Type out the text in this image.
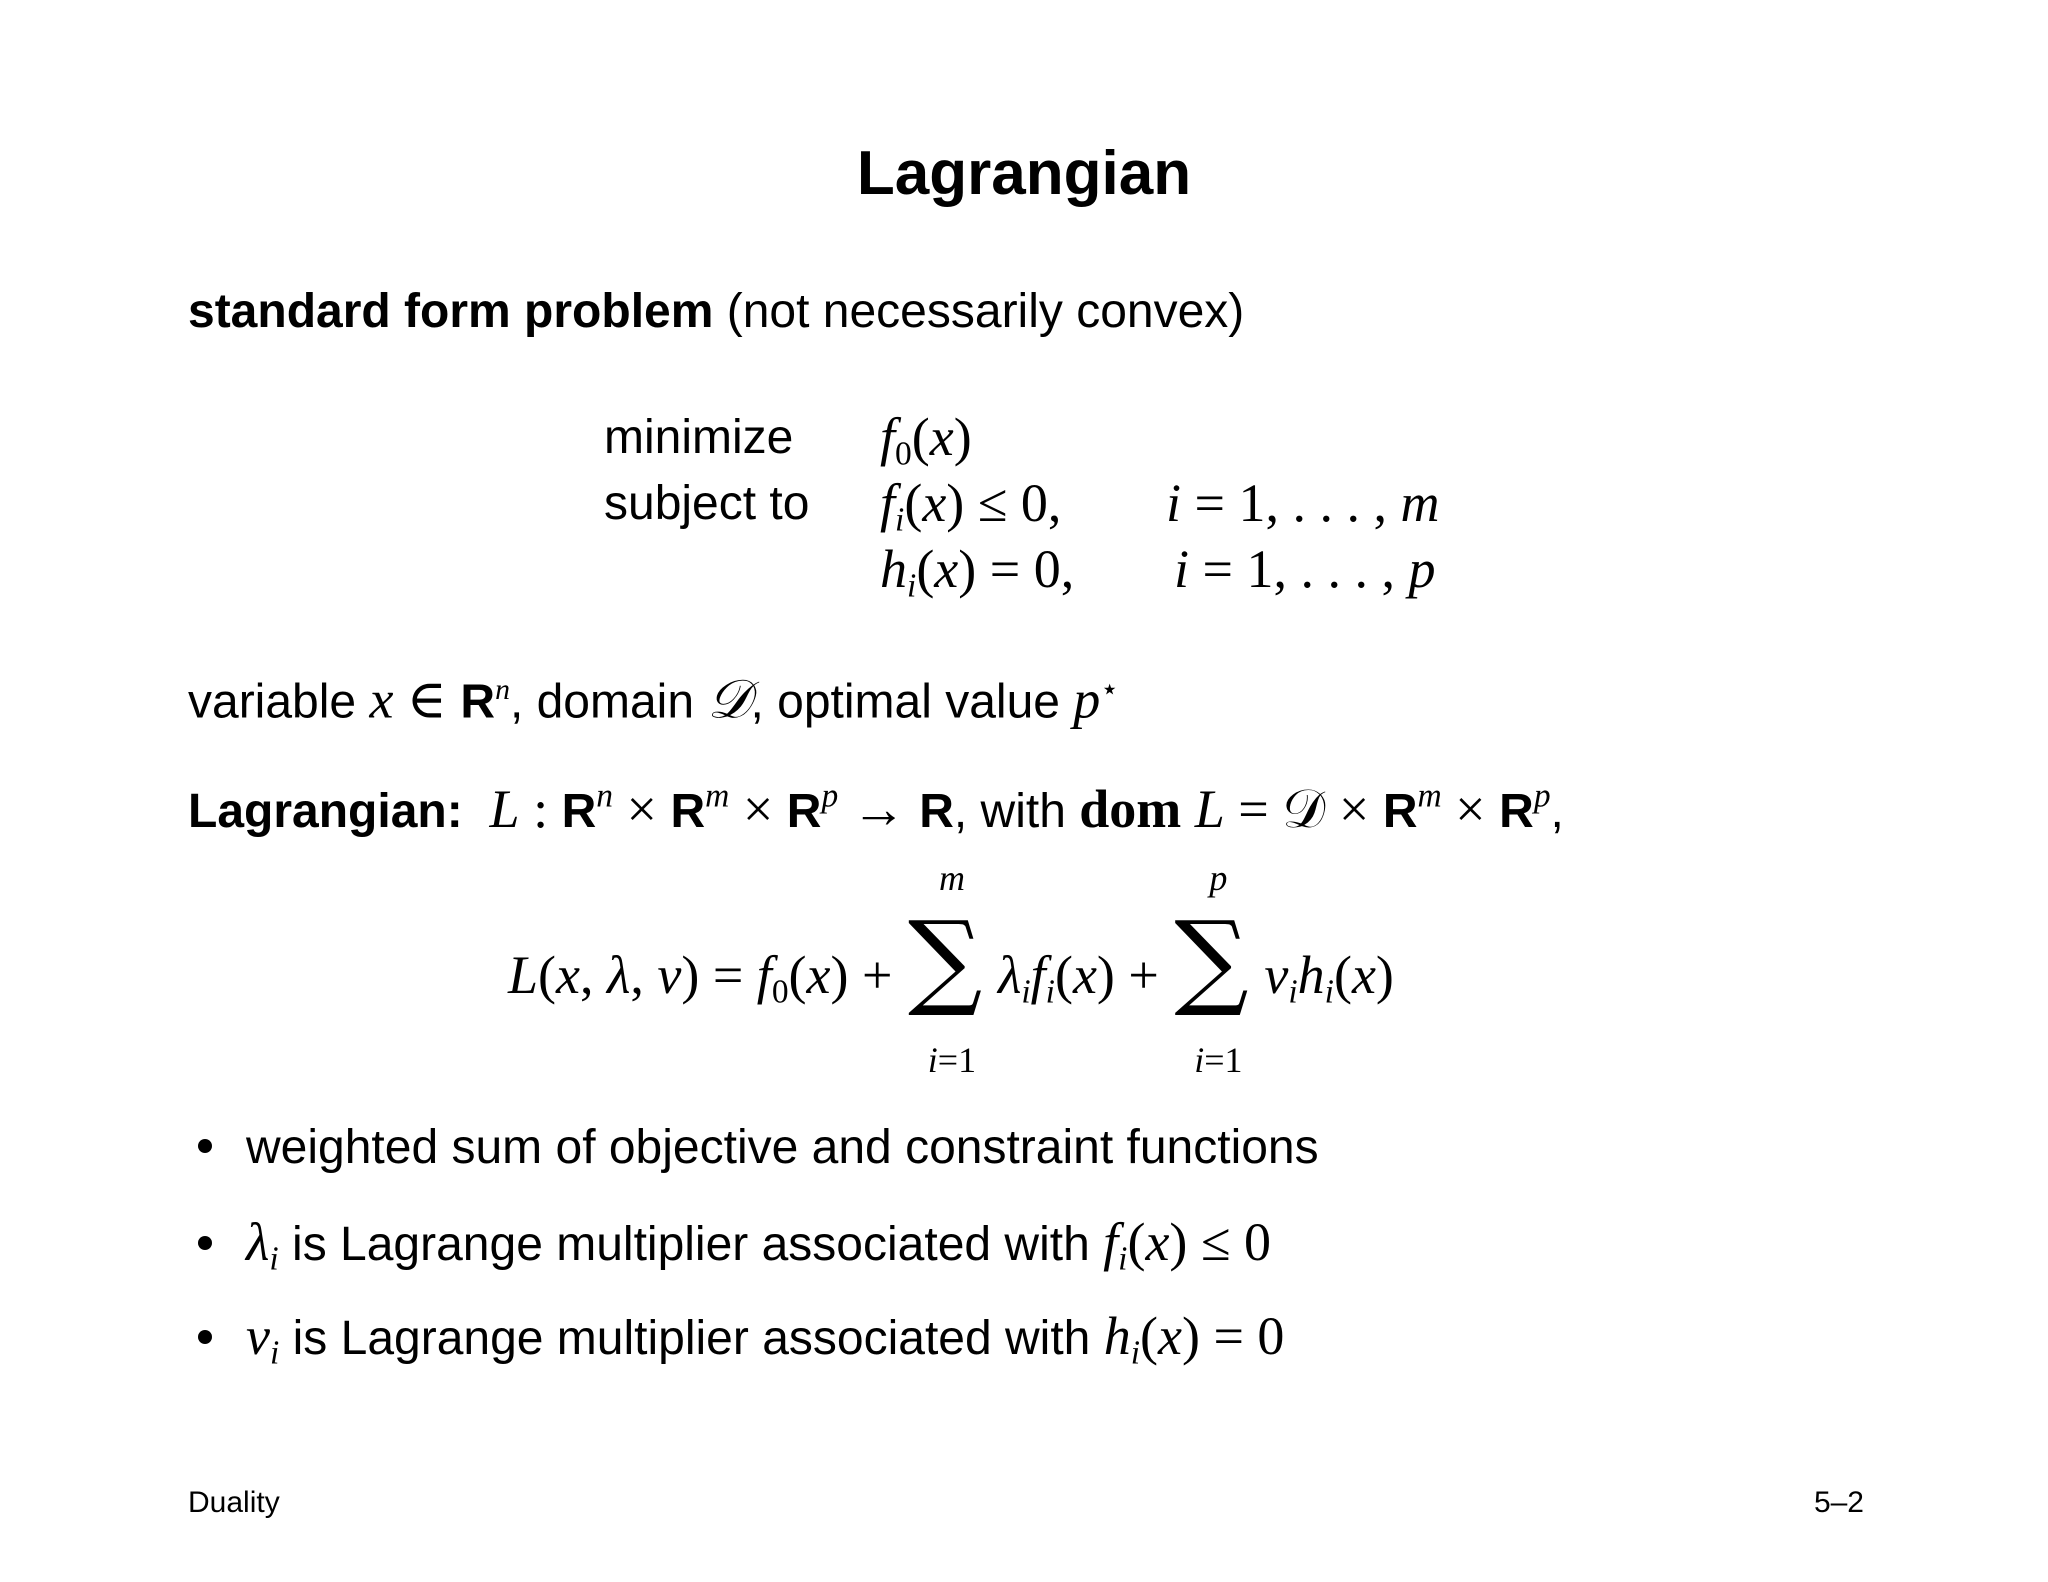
Lagrangian
standard form problem (not necessarily convex)
minimize $f_0(x)$
subject to $f_i(x) \le 0$, i = 1, . . . , m
$h_i(x) = 0$, i = 1, . . . , p
variable x ∈ $R^n$, domain 𝒟, optimal value p⋆
Lagrangian: L : $R^n \times R^m \times R^p \to R$, with dom L = 𝒟 × $R^m \times R^p$,
L(x, λ, $\nu) = f_0(x)$ +
m
∑
i=1
$\lambda_if_i(x)$ +
p
∑
i=1
$\nu_ih_i(x)$
weighted sum of objective and constraint functions
$\lambda_i$ is Lagrange multiplier associated with $f_i(x) \le 0$
$\nu_i$ is Lagrange multiplier associated with $h_i(x) = 0$
Duality	5–2
